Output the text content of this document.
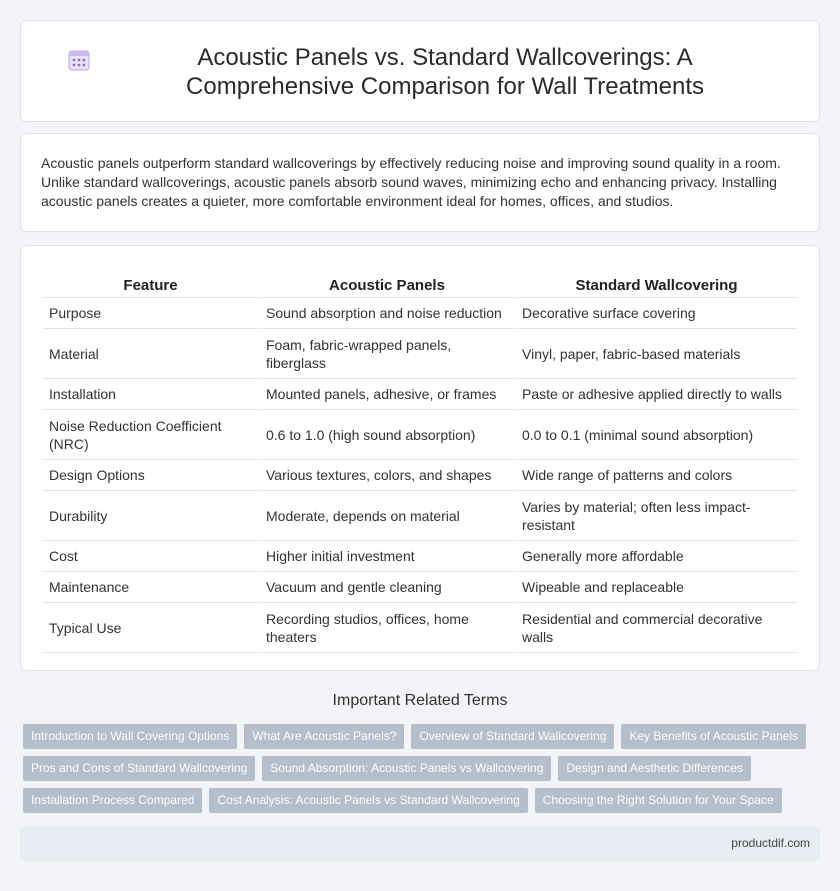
Acoustic Panels vs. Standard Wallcoverings: A Comprehensive Comparison for Wall Treatments

Acoustic panels outperform standard wallcoverings by effectively reducing noise and improving sound quality in a room. Unlike standard wallcoverings, acoustic panels absorb sound waves, minimizing echo and enhancing privacy. Installing acoustic panels creates a quieter, more comfortable environment ideal for homes, offices, and studios.

Feature	Acoustic Panels	Standard Wallcovering
Purpose	Sound absorption and noise reduction	Decorative surface covering
Material	Foam, fabric-wrapped panels, fiberglass	Vinyl, paper, fabric-based materials
Installation	Mounted panels, adhesive, or frames	Paste or adhesive applied directly to walls
Noise Reduction Coefficient (NRC)	0.6 to 1.0 (high sound absorption)	0.0 to 0.1 (minimal sound absorption)
Design Options	Various textures, colors, and shapes	Wide range of patterns and colors
Durability	Moderate, depends on material	Varies by material; often less impact-resistant
Cost	Higher initial investment	Generally more affordable
Maintenance	Vacuum and gentle cleaning	Wipeable and replaceable
Typical Use	Recording studios, offices, home theaters	Residential and commercial decorative walls
Important Related Terms
Introduction to Wall Covering Options	What Are Acoustic Panels?	Overview of Standard Wallcovering	Key Benefits of Acoustic Panels
Pros and Cons of Standard Wallcovering	Sound Absorption: Acoustic Panels vs Wallcovering	Design and Aesthetic Differences
Installation Process Compared	Cost Analysis: Acoustic Panels vs Standard Wallcovering	Choosing the Right Solution for Your Space
productdif.com
